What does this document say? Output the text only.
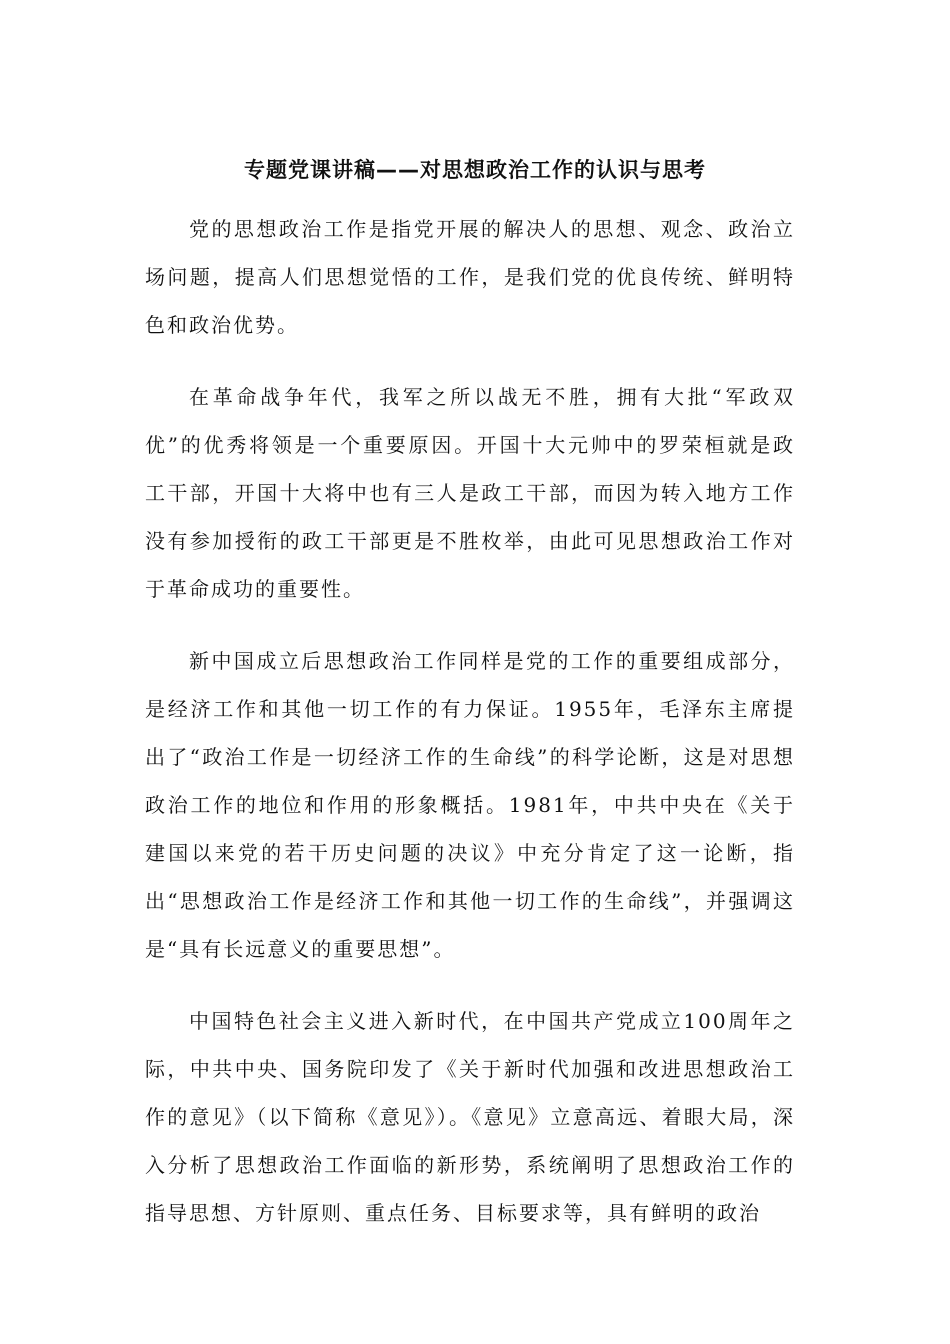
专题党课讲稿——对思想政治工作的认识与思考

党的思想政治工作是指党开展的解决人的思想、观念、政治立场问题，提高人们思想觉悟的工作，是我们党的优良传统、鲜明特色和政治优势。

在革命战争年代，我军之所以战无不胜，拥有大批“军政双优”的优秀将领是一个重要原因。开国十大元帅中的罗荣桓就是政工干部，开国十大将中也有三人是政工干部，而因为转入地方工作没有参加授衔的政工干部更是不胜枚举，由此可见思想政治工作对于革命成功的重要性。

新中国成立后思想政治工作同样是党的工作的重要组成部分，是经济工作和其他一切工作的有力保证。1955年，毛泽东主席提出了“政治工作是一切经济工作的生命线”的科学论断，这是对思想政治工作的地位和作用的形象概括。1981年，中共中央在《关于建国以来党的若干历史问题的决议》中充分肯定了这一论断，指出“思想政治工作是经济工作和其他一切工作的生命线”，并强调这是“具有长远意义的重要思想”。

中国特色社会主义进入新时代，在中国共产党成立100周年之际，中共中央、国务院印发了《关于新时代加强和改进思想政治工作的意见》（以下简称《意见》）。《意见》立意高远、着眼大局，深入分析了思想政治工作面临的新形势，系统阐明了思想政治工作的指导思想、方针原则、重点任务、目标要求等，具有鲜明的政治
